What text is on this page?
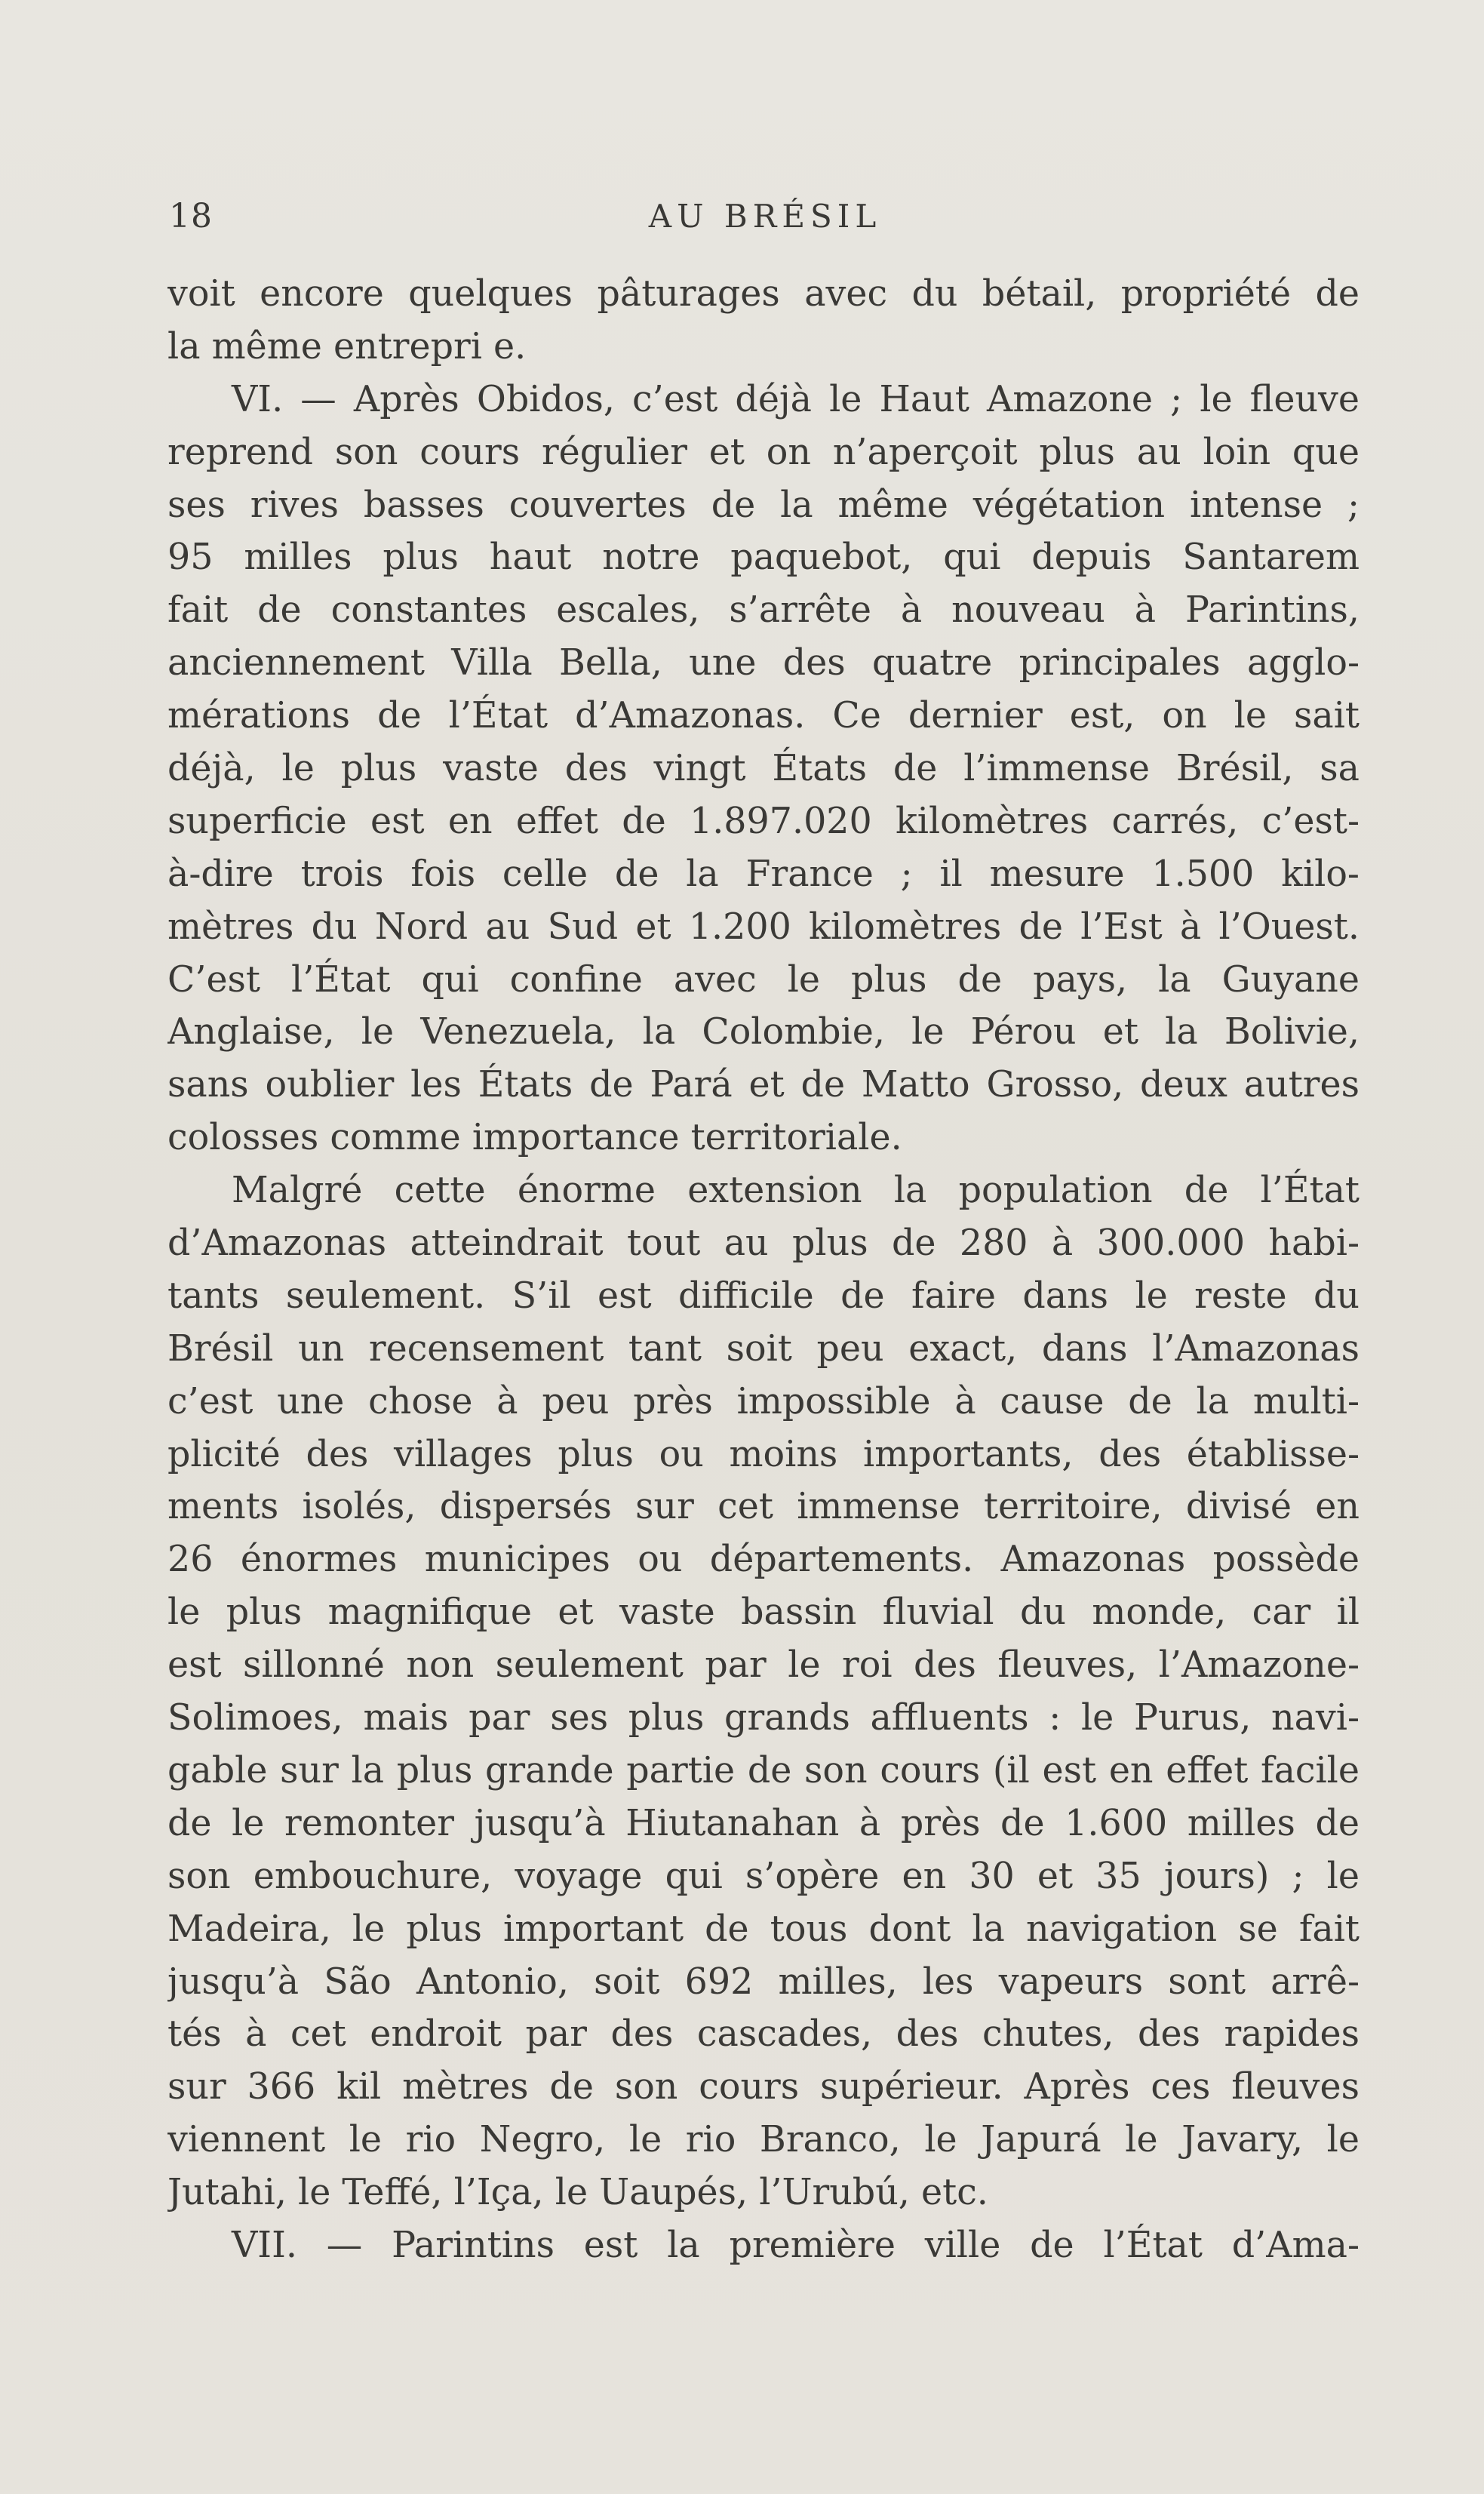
18	AU BRÉSIL
voit encore quelques pâturages avec du bétail, propriété de
la même entrepri e.
VI. — Après Obidos, c’est déjà le Haut Amazone ; le fleuve
reprend son cours régulier et on n’aperçoit plus au loin que
ses rives basses couvertes de la même végétation intense ;
95 milles plus haut notre paquebot, qui depuis Santarem
fait de constantes escales, s’arrête à nouveau à Parintins,
anciennement Villa Bella, une des quatre principales agglo-
mérations de l’État d’Amazonas. Ce dernier est, on le sait
déjà, le plus vaste des vingt États de l’immense Brésil, sa
superficie est en effet de 1.897.020 kilomètres carrés, c’est-
à-dire trois fois celle de la France ; il mesure 1.500 kilo-
mètres du Nord au Sud et 1.200 kilomètres de l’Est à l’Ouest.
C’est l’État qui confine avec le plus de pays, la Guyane
Anglaise, le Venezuela, la Colombie, le Pérou et la Bolivie,
sans oublier les États de Pará et de Matto Grosso, deux autres
colosses comme importance territoriale.
Malgré cette énorme extension la population de l’État
d’Amazonas atteindrait tout au plus de 280 à 300.000 habi-
tants seulement. S’il est difficile de faire dans le reste du
Brésil un recensement tant soit peu exact, dans l’Amazonas
c’est une chose à peu près impossible à cause de la multi-
plicité des villages plus ou moins importants, des établisse-
ments isolés, dispersés sur cet immense territoire, divisé en
26 énormes municipes ou départements. Amazonas possède
le plus magnifique et vaste bassin fluvial du monde, car il
est sillonné non seulement par le roi des fleuves, l’Amazone-
Solimoes, mais par ses plus grands affluents : le Purus, navi-
gable sur la plus grande partie de son cours (il est en effet facile
de le remonter jusqu’à Hiutanahan à près de 1.600 milles de
son embouchure, voyage qui s’opère en 30 et 35 jours) ; le
Madeira, le plus important de tous dont la navigation se fait
jusqu’à São Antonio, soit 692 milles, les vapeurs sont arrê-
tés à cet endroit par des cascades, des chutes, des rapides
sur 366 kil mètres de son cours supérieur. Après ces fleuves
viennent le rio Negro, le rio Branco, le Japurá le Javary, le
Jutahi, le Teffé, l’Iça, le Uaupés, l’Urubú, etc.
VII. — Parintins est la première ville de l’État d’Ama-
